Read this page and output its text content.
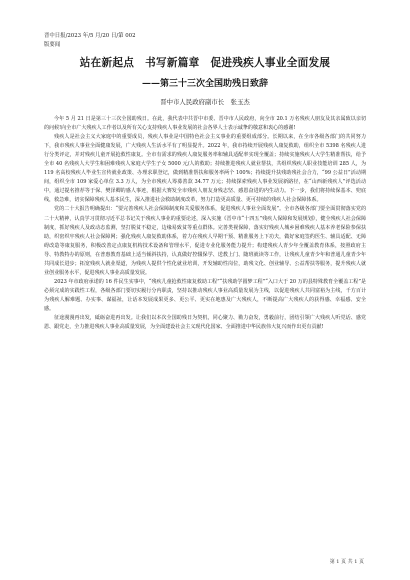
晋中日报/2023 年/5 月/20 日/第 002
版要闻
站在新起点　书写新篇章　促进残疾人事业全面发展
——第三十三次全国助残日致辞
晋中市人民政府副市长　张玉杰

今年 5 月 21 日是第三十三次全国助残日。在此，我代表中共晋中市委、晋中市人民政府，向全市 20.1 万名残疾人朋友及其亲属致以亲切的问候!向全市广大残疾人工作者以及所有关心支持残疾人事业发展的社会各界人士表示诚挚的敬意和衷心的感谢!

残疾人是社会主义大家庭中的重要成员，残疾人事业是中国特色社会主义事业的重要组成部分。长期以来，在全市各级各部门的共同努力下，我市残疾人事业全面健康发展，广大残疾人生活水平有了明显提升。2022 年，我市持续开展残疾人康复救助，组织全市 5398 名残疾人进行分类评定，并对残疾儿童开展抢救性康复。全市有需求的残疾人康复服务率和辅具适配率实现全覆盖；持续实施残疾人大学生精准帮扶，给予全市 40 名残疾人大学生和困难残疾人家庭大学生子女 5000 元/人的救助；持续推进残疾人就业帮扶，共组织残疾人职业技能培训 285 人，为 119 名高校残疾人毕业生宣传就业政策、办理求职登记，做到精准帮扶和服务率两个 100%；持续提升扶残助残社会合力，“99 公益日”活动期间，组织全市 109 家爱心单位 3.3 万人，为全市残疾人筹募善款 34.77 万元；持续探索残疾人事业发展新路径，在“山西新残疾人”评选活动中，通过提名推荐等于保、樊泽卿的感人事迹，根据大赛发全市残疾人朋友身残志坚、感恩奋进的内生动力。下一步，我们将持续保基本、兜底线，救急难，切实保障残疾人基本民生，深入推进社会救助制度改革，努力打造更高质量、更可持续的残疾人社会保障体系。

党的二十大报告明确提出：“要完善残疾人社会保障制度和关爱服务体系，促进残疾人事业全面发展”。全市各级各部门要全面贯彻落实党的二十大精神，认真学习贯彻习近平总书记关于残疾人事业的重要论述，深入实施《晋中市“十四五”残疾人保障和发展规划》，健全残疾人社会保障制度，抓好残疾人及政动态监测，坚打脱贫不稳定，边缘易致贫等重点群体。完善类视保障，落实好残疾人城乡困难残疾人基本养老保险参保扶助，织密织牢残疾人社会保障网；强化残疾人康复救助体系，着力在残疾人早期干预、精准服务上下功夫，做好家庭签约医生、辅具适配、无障碍改造等康复服务，积极改善定点康复机构技术设备和管理水平，促进专业化服务能力提升；构建残疾人青少年全覆盖教育体系，按照政府主导、特教特办的原则，在普惠教育基础上适当倾斜扶持，认真做好控辍保学、送教上门、随班就读等工作，让残疾儿童青少年和普通儿童青少年共同成长进步；拓宽残疾人就业渠道，为残疾人提供个性化就业培训，开发辅助性岗位，助残文化、创业辅导、公益帮扶等服务，提升残疾人就业创业服务水平，促进残疾人事业高质量发展。

2023 年市政府承诺的 16 件民生实事中，“残疾儿童抢救性康复救助工程”“扶残助学圆梦工程”“入口大于 20 万的县特殊教育全覆盖工程”是必须完成的实践性工程，各级各部门要切实履行分内职责，坚持以推动残疾人事业高质量发展为主线，以促进残疾人共同富裕为主线，千方百计为残疾人解难题、办实事、谋福祉，让话本发展成果更多、更公平、更实在地惠及广大残疾人，不断提高广大残疾人的获得感、幸福感、安全感。

征途漫漫再出发，砥砺奋进再出发。让我们以本次全国助残日为契机，同心聚力、勠力奋发，勇毅前行，团结引领广大残疾人听党话、感党恩、跟党走，全力推进残疾人事业高质量发展，为全面建设社会主义现代化国家、全面推进中华民族伟大复兴而作出更有贡献!

第 1 页 共 1 页
